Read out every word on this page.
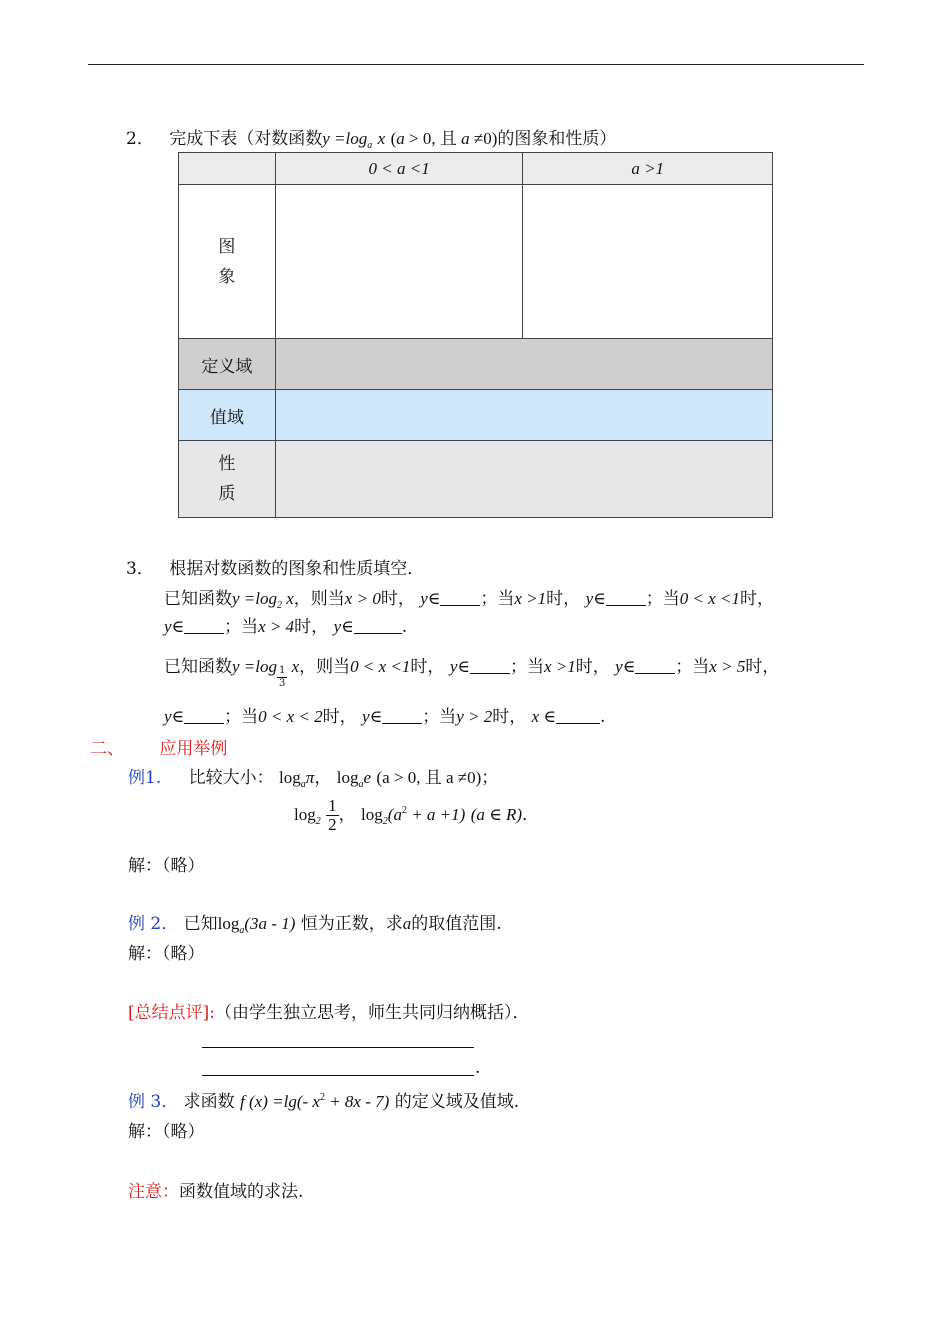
2． 完成下表（对数函数$y =\log_a$ x (a > 0, 且 a ≠0)的图象和性质）
	0 < a <1	a >1

图
象		

定义域		
值域		

性
质		

3． 根据对数函数的图象和性质填空．
已知函数$y =\log_2$ x，则当x > 0时， y∈ ；当x >1时， y∈ ；当0 < x <1时，
y∈ ；当x > 4时， y∈	.
已知函数$y =\log \frac{1}{3}$ x，则当0 < x <1时， y∈ ；当x >1时， y∈ ；当x > 5时，
y∈ ；当0 < x < 2时， y∈ ；当y > 2时， x ∈	.
二、 应用举例
例1. 比较大小： $\log_a\pi$， $\log_ae$ (a > 0, 且 a ≠0)；
$\log_2 \frac{1}{2}$ ， $\log_2(a^2 + a +1)$ (a ∈ R)．
解：（略）
例 2． 已知$\log_a(3a - 1)$ 恒为正数，求a的取值范围.
解：（略）
[总结点评]:（由学生独立思考，师生共同归纳概括）．
.
例 3． 求函数 f (x) =lg(- $x^2 + 8x - 7$) 的定义域及值域.
解：（略）
注意：函数值域的求法.
